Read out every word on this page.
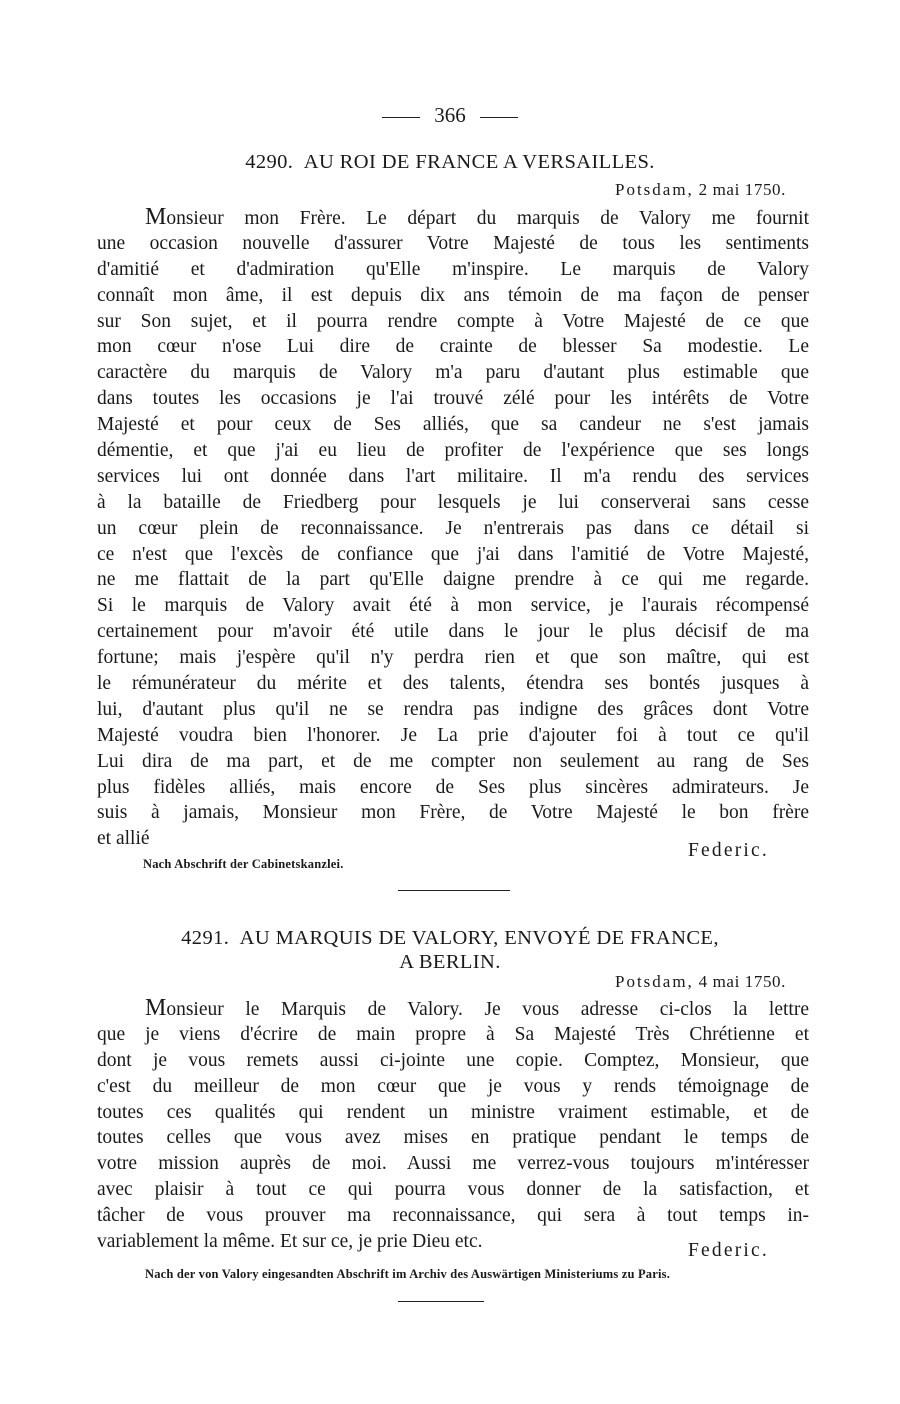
366
4290. AU ROI DE FRANCE A VERSAILLES.
Potsdam, 2 mai 1750.
Monsieur mon Frère. Le départ du marquis de Valory me fournit
une occasion nouvelle d'assurer Votre Majesté de tous les sentiments
d'amitié et d'admiration qu'Elle m'inspire. Le marquis de Valory
connaît mon âme, il est depuis dix ans témoin de ma façon de penser
sur Son sujet, et il pourra rendre compte à Votre Majesté de ce que
mon cœur n'ose Lui dire de crainte de blesser Sa modestie. Le
caractère du marquis de Valory m'a paru d'autant plus estimable que
dans toutes les occasions je l'ai trouvé zélé pour les intérêts de Votre
Majesté et pour ceux de Ses alliés, que sa candeur ne s'est jamais
démentie, et que j'ai eu lieu de profiter de l'expérience que ses longs
services lui ont donnée dans l'art militaire. Il m'a rendu des services
à la bataille de Friedberg pour lesquels je lui conserverai sans cesse
un cœur plein de reconnaissance. Je n'entrerais pas dans ce détail si
ce n'est que l'excès de confiance que j'ai dans l'amitié de Votre Majesté,
ne me flattait de la part qu'Elle daigne prendre à ce qui me regarde.
Si le marquis de Valory avait été à mon service, je l'aurais récompensé
certainement pour m'avoir été utile dans le jour le plus décisif de ma
fortune; mais j'espère qu'il n'y perdra rien et que son maître, qui est
le rémunérateur du mérite et des talents, étendra ses bontés jusques à
lui, d'autant plus qu'il ne se rendra pas indigne des grâces dont Votre
Majesté voudra bien l'honorer. Je La prie d'ajouter foi à tout ce qu'il
Lui dira de ma part, et de me compter non seulement au rang de Ses
plus fidèles alliés, mais encore de Ses plus sincères admirateurs. Je
suis à jamais, Monsieur mon Frère, de Votre Majesté le bon frère
et allié
Federic.
Nach Abschrift der Cabinetskanzlei.
4291. AU MARQUIS DE VALORY, ENVOYÉ DE FRANCE,
A BERLIN.
Potsdam, 4 mai 1750.
Monsieur le Marquis de Valory. Je vous adresse ci-clos la lettre
que je viens d'écrire de main propre à Sa Majesté Très Chrétienne et
dont je vous remets aussi ci-jointe une copie. Comptez, Monsieur, que
c'est du meilleur de mon cœur que je vous y rends témoignage de
toutes ces qualités qui rendent un ministre vraiment estimable, et de
toutes celles que vous avez mises en pratique pendant le temps de
votre mission auprès de moi. Aussi me verrez-vous toujours m'intéresser
avec plaisir à tout ce qui pourra vous donner de la satisfaction, et
tâcher de vous prouver ma reconnaissance, qui sera à tout temps in-
variablement la même. Et sur ce, je prie Dieu etc.	Federic.
Nach der von Valory eingesandten Abschrift im Archiv des Auswärtigen Ministeriums zu Paris.
